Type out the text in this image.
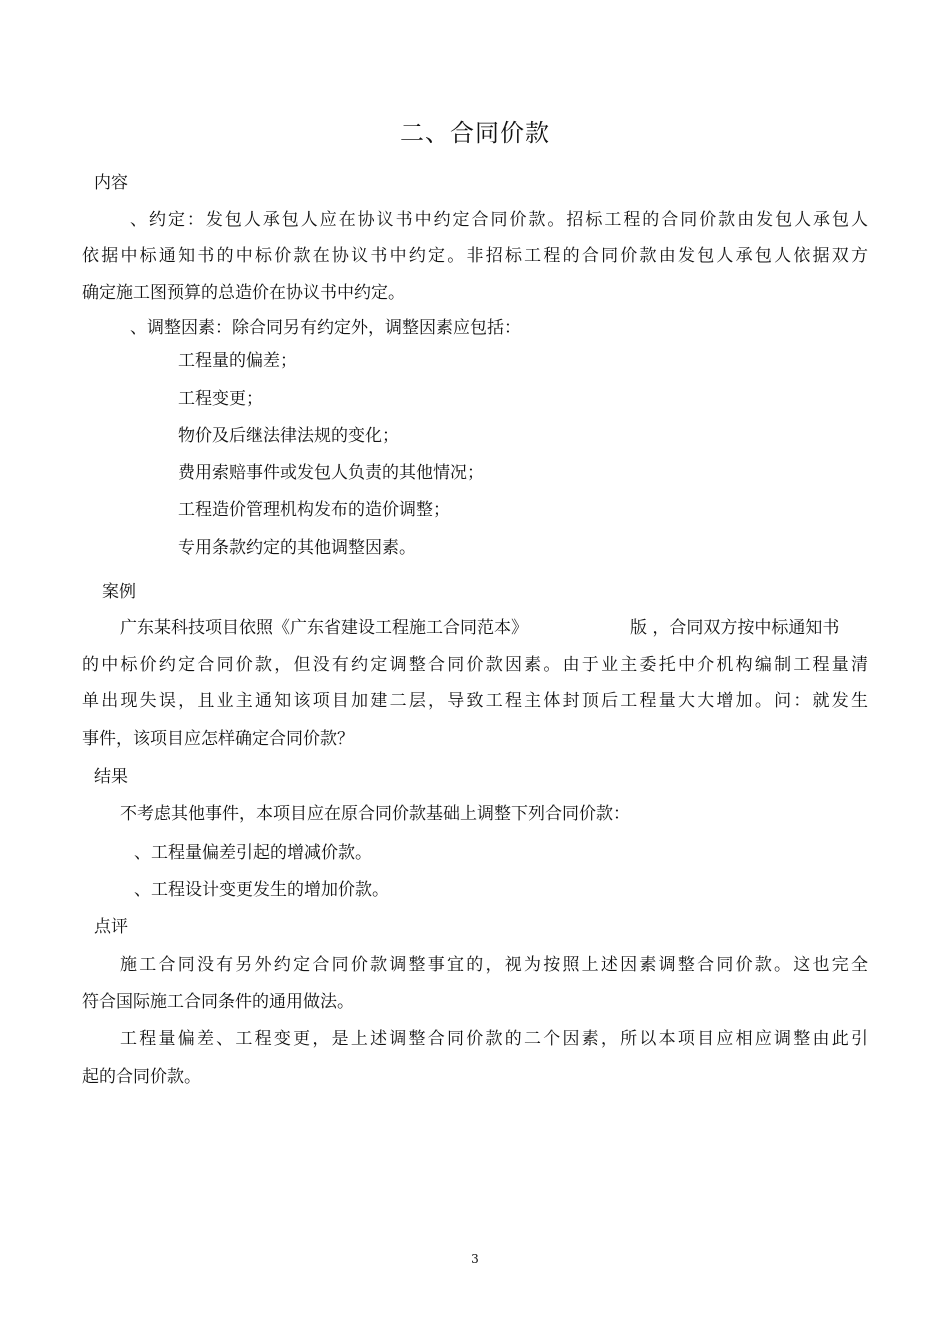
二、合同价款
内容
、约定：发包人承包人应在协议书中约定合同价款。招标工程的合同价款由发包人承包人
依据中标通知书的中标价款在协议书中约定。非招标工程的合同价款由发包人承包人依据双方
确定施工图预算的总造价在协议书中约定。
、调整因素：除合同另有约定外，调整因素应包括：
工程量的偏差；
工程变更；
物价及后继法律法规的变化；
费用索赔事件或发包人负责的其他情况；
工程造价管理机构发布的造价调整；
专用条款约定的其他调整因素。
案例
广东某科技项目依照《广东省建设工程施工合同范本》	版 ，合同双方按中标通知书
的中标价约定合同价款，但没有约定调整合同价款因素。由于业主委托中介机构编制工程量清
单出现失误，且业主通知该项目加建二层，导致工程主体封顶后工程量大大增加。问：就发生
事件，该项目应怎样确定合同价款？
结果
不考虑其他事件，本项目应在原合同价款基础上调整下列合同价款：
、工程量偏差引起的增减价款。
、工程设计变更发生的增加价款。
点评
施工合同没有另外约定合同价款调整事宜的，视为按照上述因素调整合同价款。这也完全
符合国际施工合同条件的通用做法。
工程量偏差、工程变更，是上述调整合同价款的二个因素，所以本项目应相应调整由此引
起的合同价款。
3
